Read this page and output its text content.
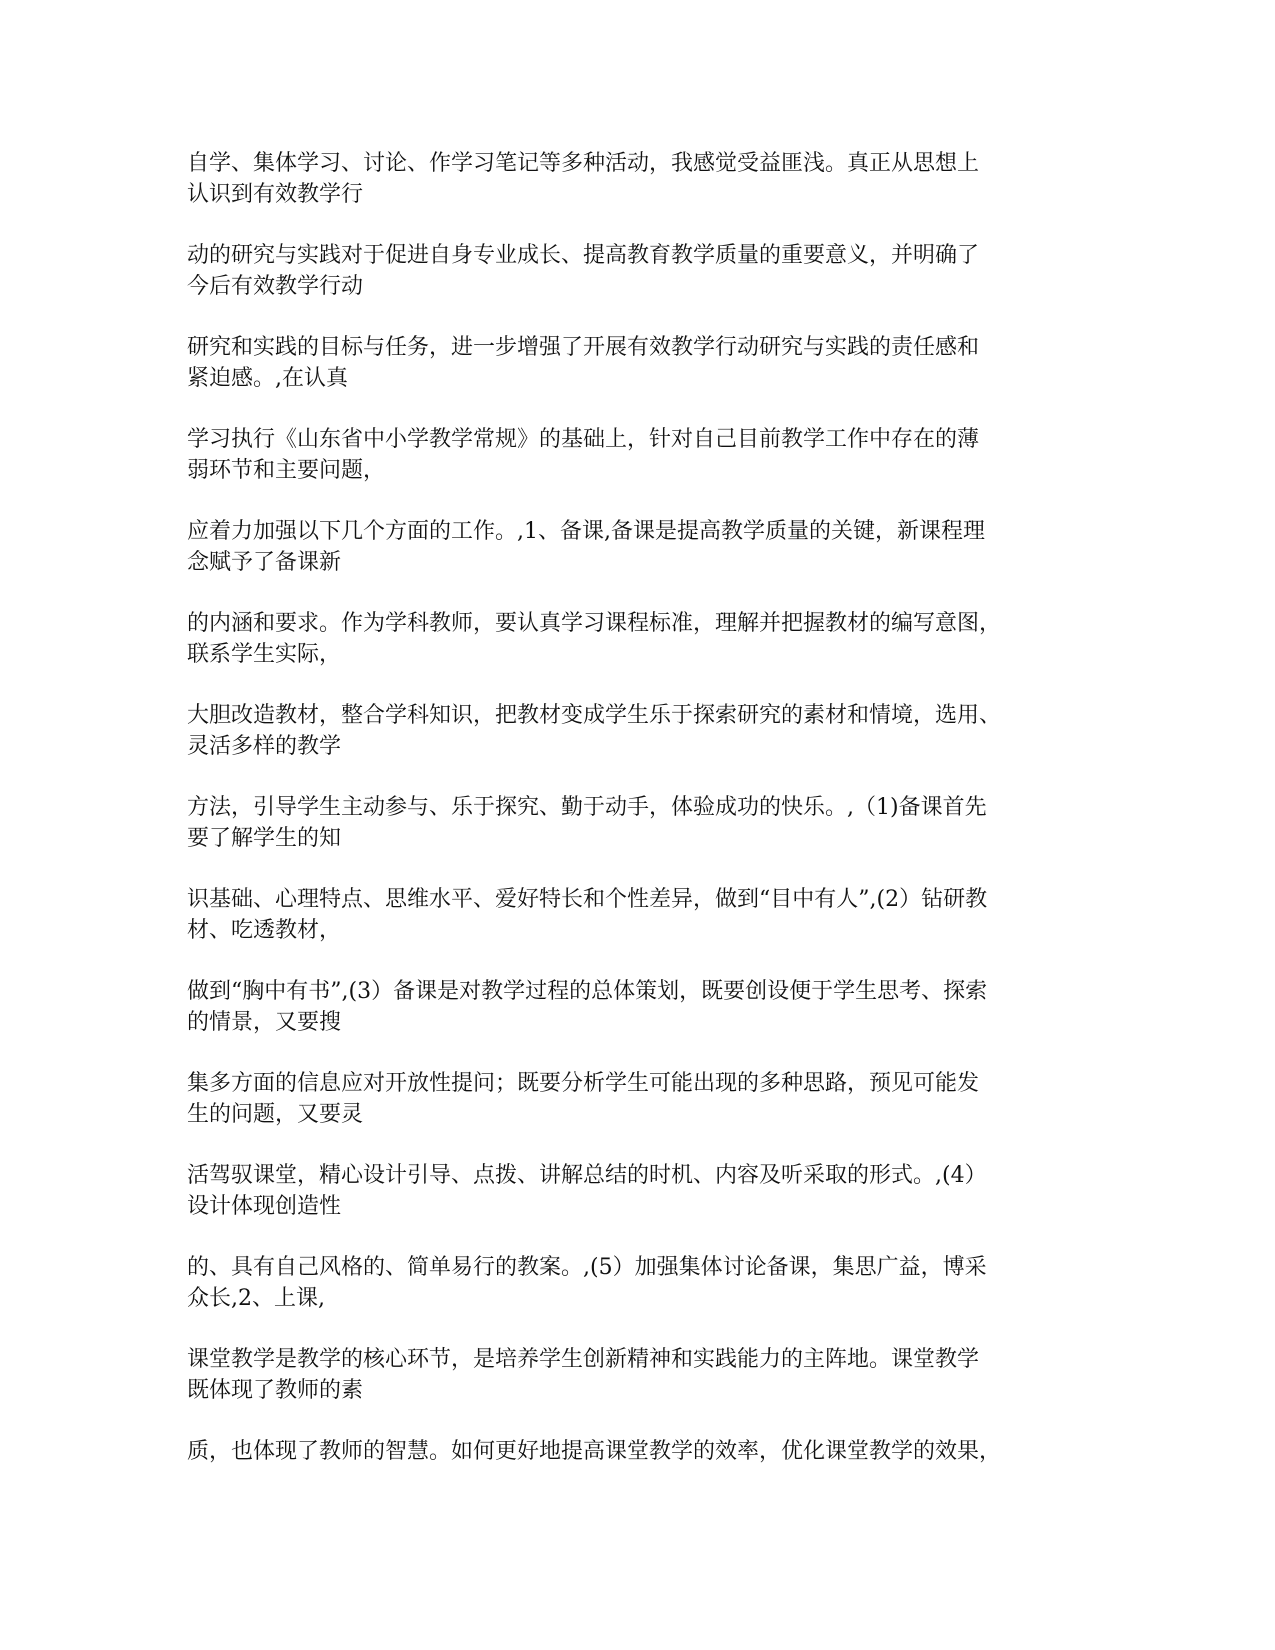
自学、集体学习、讨论、作学习笔记等多种活动，我感觉受益匪浅。真正从思想上
认识到有效教学行

动的研究与实践对于促进自身专业成长、提高教育教学质量的重要意义，并明确了
今后有效教学行动

研究和实践的目标与任务，进一步增强了开展有效教学行动研究与实践的责任感和
紧迫感。,在认真

学习执行《山东省中小学教学常规》的基础上，针对自己目前教学工作中存在的薄
弱环节和主要问题，

应着力加强以下几个方面的工作。,1、备课,备课是提高教学质量的关键，新课程理
念赋予了备课新

的内涵和要求。作为学科教师，要认真学习课程标准，理解并把握教材的编写意图，
联系学生实际，

大胆改造教材，整合学科知识，把教材变成学生乐于探索研究的素材和情境，选用、
灵活多样的教学

方法，引导学生主动参与、乐于探究、勤于动手，体验成功的快乐。,（1)备课首先
要了解学生的知

识基础、心理特点、思维水平、爱好特长和个性差异，做到“目中有人”,(2）钻研教
材、吃透教材，

做到“胸中有书”,(3）备课是对教学过程的总体策划，既要创设便于学生思考、探索
的情景，又要搜

集多方面的信息应对开放性提问；既要分析学生可能出现的多种思路，预见可能发
生的问题，又要灵

活驾驭课堂，精心设计引导、点拨、讲解总结的时机、内容及听采取的形式。,(4）
设计体现创造性

的、具有自己风格的、简单易行的教案。,(5）加强集体讨论备课，集思广益，博采
众长,2、上课,

课堂教学是教学的核心环节，是培养学生创新精神和实践能力的主阵地。课堂教学
既体现了教师的素

质，也体现了教师的智慧。如何更好地提高课堂教学的效率，优化课堂教学的效果，
